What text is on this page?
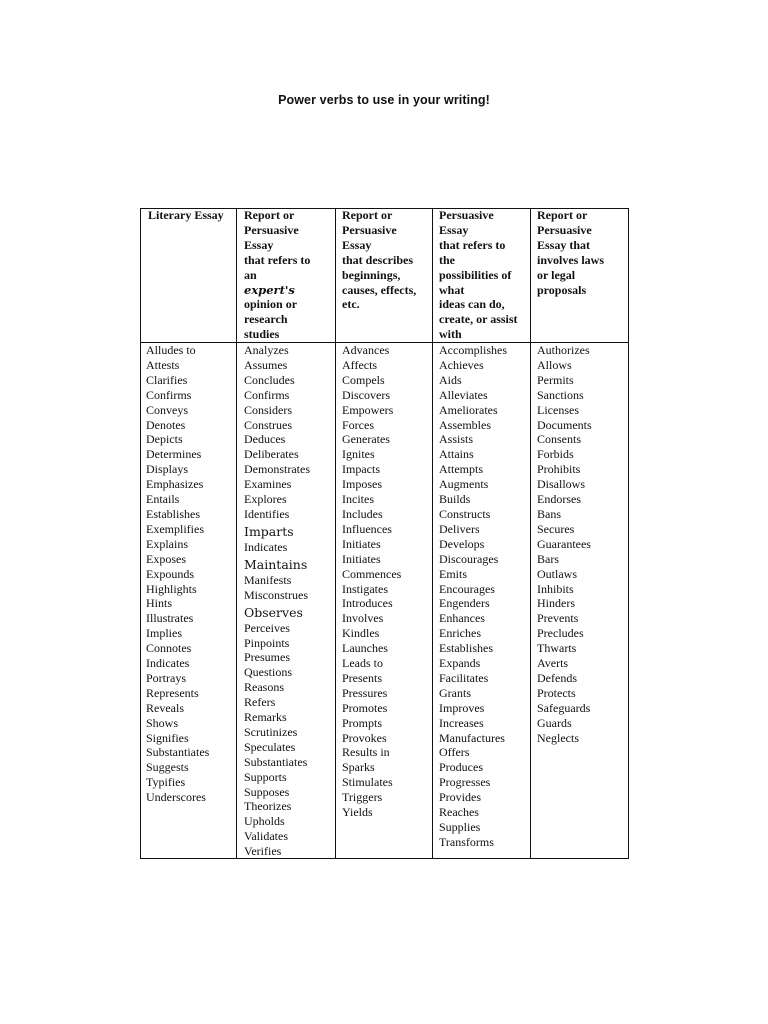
Power verbs to use in your writing!
Literary Essay Report or
Persuasive
Essay
that refers to
an
expert's
opinion or
research
studies
Report or
Persuasive
Essay
that describes
beginnings,
causes, effects,
etc.
Persuasive
Essay
that refers to
the
possibilities of
what
ideas can do,
create, or assist
with
Report or
Persuasive
Essay that
involves laws
or legal
proposals
Alludes to
Attests
Clarifies
Confirms
Conveys
Denotes
Depicts
Determines
Displays
Emphasizes
Entails
Establishes
Exemplifies
Explains
Exposes
Expounds
Highlights
Hints
Illustrates
Implies
Connotes
Indicates
Portrays
Represents
Reveals
Shows
Signifies
Substantiates
Suggests
Typifies
Underscores
Analyzes
Assumes
Concludes
Confirms
Considers
Construes
Deduces
Deliberates
Demonstrates
Examines
Explores
Identifies
Imparts
Indicates
Maintains
Manifests
Misconstrues
Observes
Perceives
Pinpoints
Presumes
Questions
Reasons
Refers
Remarks
Scrutinizes
Speculates
Substantiates
Supports
Supposes
Theorizes
Upholds
Validates
Verifies
Advances
Affects
Compels
Discovers
Empowers
Forces
Generates
Ignites
Impacts
Imposes
Incites
Includes
Influences
Initiates
Initiates
Commences
Instigates
Introduces
Involves
Kindles
Launches
Leads to
Presents
Pressures
Promotes
Prompts
Provokes
Results in
Sparks
Stimulates
Triggers
Yields
Accomplishes
Achieves
Aids
Alleviates
Ameliorates
Assembles
Assists
Attains
Attempts
Augments
Builds
Constructs
Delivers
Develops
Discourages
Emits
Encourages
Engenders
Enhances
Enriches
Establishes
Expands
Facilitates
Grants
Improves
Increases
Manufactures
Offers
Produces
Progresses
Provides
Reaches
Supplies
Transforms
Authorizes
Allows
Permits
Sanctions
Licenses
Documents
Consents
Forbids
Prohibits
Disallows
Endorses
Bans
Secures
Guarantees
Bars
Outlaws
Inhibits
Hinders
Prevents
Precludes
Thwarts
Averts
Defends
Protects
Safeguards
Guards
Neglects
